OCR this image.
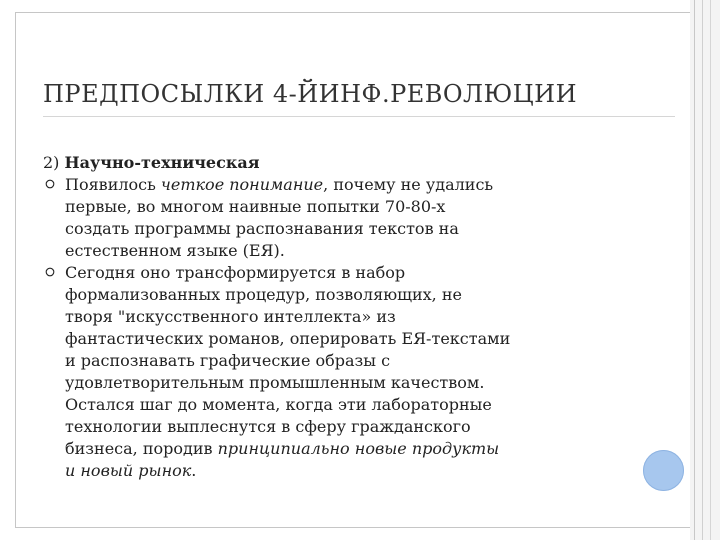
ПРЕДПОСЫЛКИ 4-ЙИНФ.РЕВОЛЮЦИИ
2) Научно-техническая
Появилось четкое понимание, почему не удались
первые, во многом наивные попытки 70-80-х
создать программы распознавания текстов на
естественном языке (ЕЯ).
Сегодня оно трансформируется в набор
формализованных процедур, позволяющих, не
творя "искусственного интеллекта» из
фантастических романов, оперировать ЕЯ-текстами
и распознавать графические образы с
удовлетворительным промышленным качеством.
Остался шаг до момента, когда эти лабораторные
технологии выплеснутся в сферу гражданского
бизнеса, породив принципиально новые продукты
и новый рынок.
